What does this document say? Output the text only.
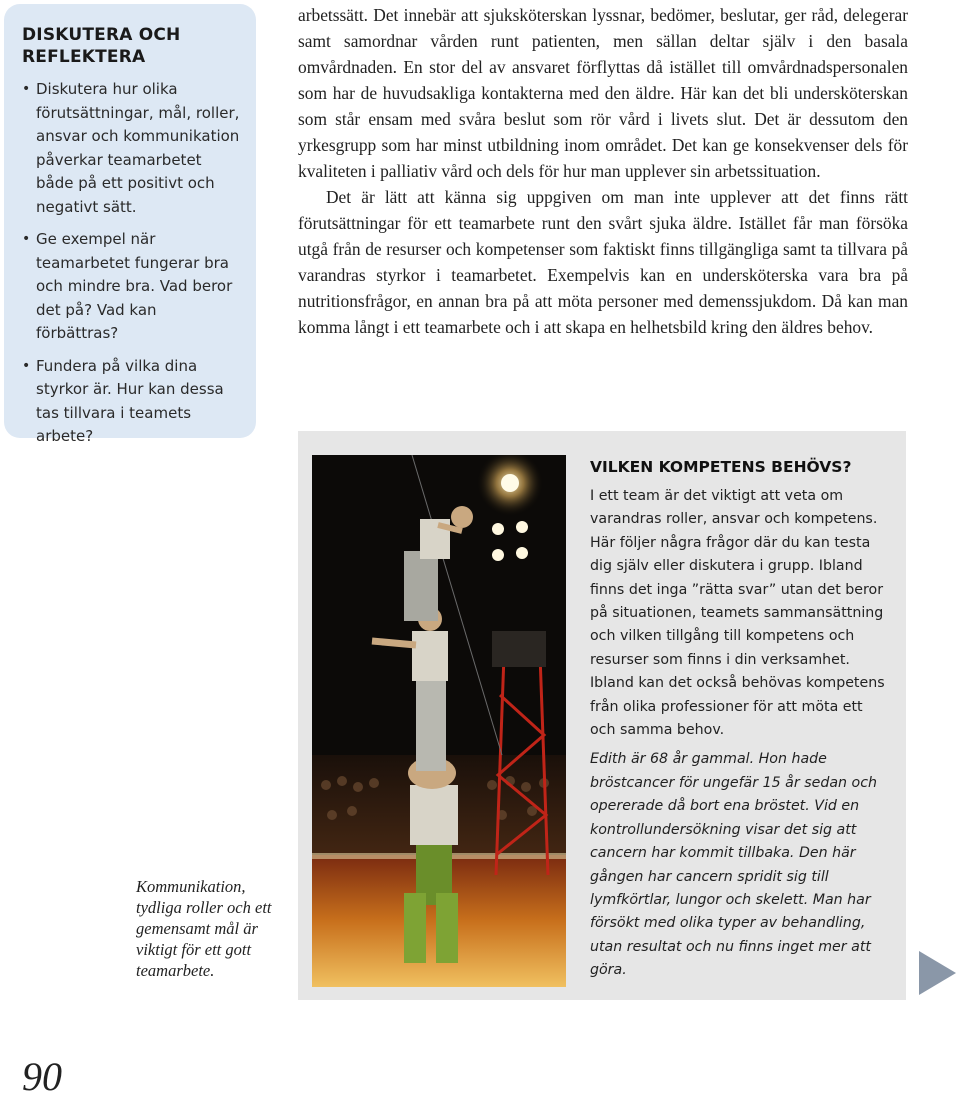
DISKUTERA OCH REFLEKTERA
• Diskutera hur olika förutsättningar, mål, roller, ansvar och kommunikation påverkar teamarbetet både på ett positivt och negativt sätt.
• Ge exempel när teamarbetet fungerar bra och mindre bra. Vad beror det på? Vad kan förbättras?
• Fundera på vilka dina styrkor är. Hur kan dessa tas tillvara i teamets arbete?

arbetssätt. Det innebär att sjuksköterskan lyssnar, bedömer, beslutar, ger råd, delegerar samt samordnar vården runt patienten, men sällan deltar själv i den basala omvårdnaden. En stor del av ansvaret förflyttas då istället till omvårdnadspersonalen som har de huvudsakliga kontakterna med den äldre. Här kan det bli undersköterskan som står ensam med svåra beslut som rör vård i livets slut. Det är dessutom den yrkesgrupp som har minst utbildning inom området. Det kan ge konsekvenser dels för kvaliteten i palliativ vård och dels för hur man upplever sin arbetssituation.

Det är lätt att känna sig uppgiven om man inte upplever att det finns rätt förutsättningar för ett teamarbete runt den svårt sjuka äldre. Istället får man försöka utgå från de resurser och kompetenser som faktiskt finns tillgängliga samt ta tillvara på varandras styrkor i teamarbetet. Exempelvis kan en undersköterska vara bra på nutritionsfrågor, en annan bra på att möta personer med demenssjukdom. Då kan man komma långt i ett teamarbete och i att skapa en helhetsbild kring den äldres behov.

Kommunikation, tydliga roller och ett gemensamt mål är viktigt för ett gott teamarbete.
VILKEN KOMPETENS BEHÖVS?

I ett team är det viktigt att veta om varandras roller, ansvar och kompetens. Här följer några frågor där du kan testa dig själv eller diskutera i grupp. Ibland finns det inga ”rätta svar” utan det beror på situationen, teamets sammansättning och vilken tillgång till kompetens och resurser som finns i din verksamhet. Ibland kan det också behövas kompetens från olika professioner för att möta ett och samma behov.

Edith är 68 år gammal. Hon hade bröstcancer för ungefär 15 år sedan och opererade då bort ena bröstet. Vid en kontrollundersökning visar det sig att cancern har kommit tillbaka. Den här gången har cancern spridit sig till lymfkörtlar, lungor och skelett. Man har försökt med olika typer av behandling, utan resultat och nu finns inget mer att göra.

90
